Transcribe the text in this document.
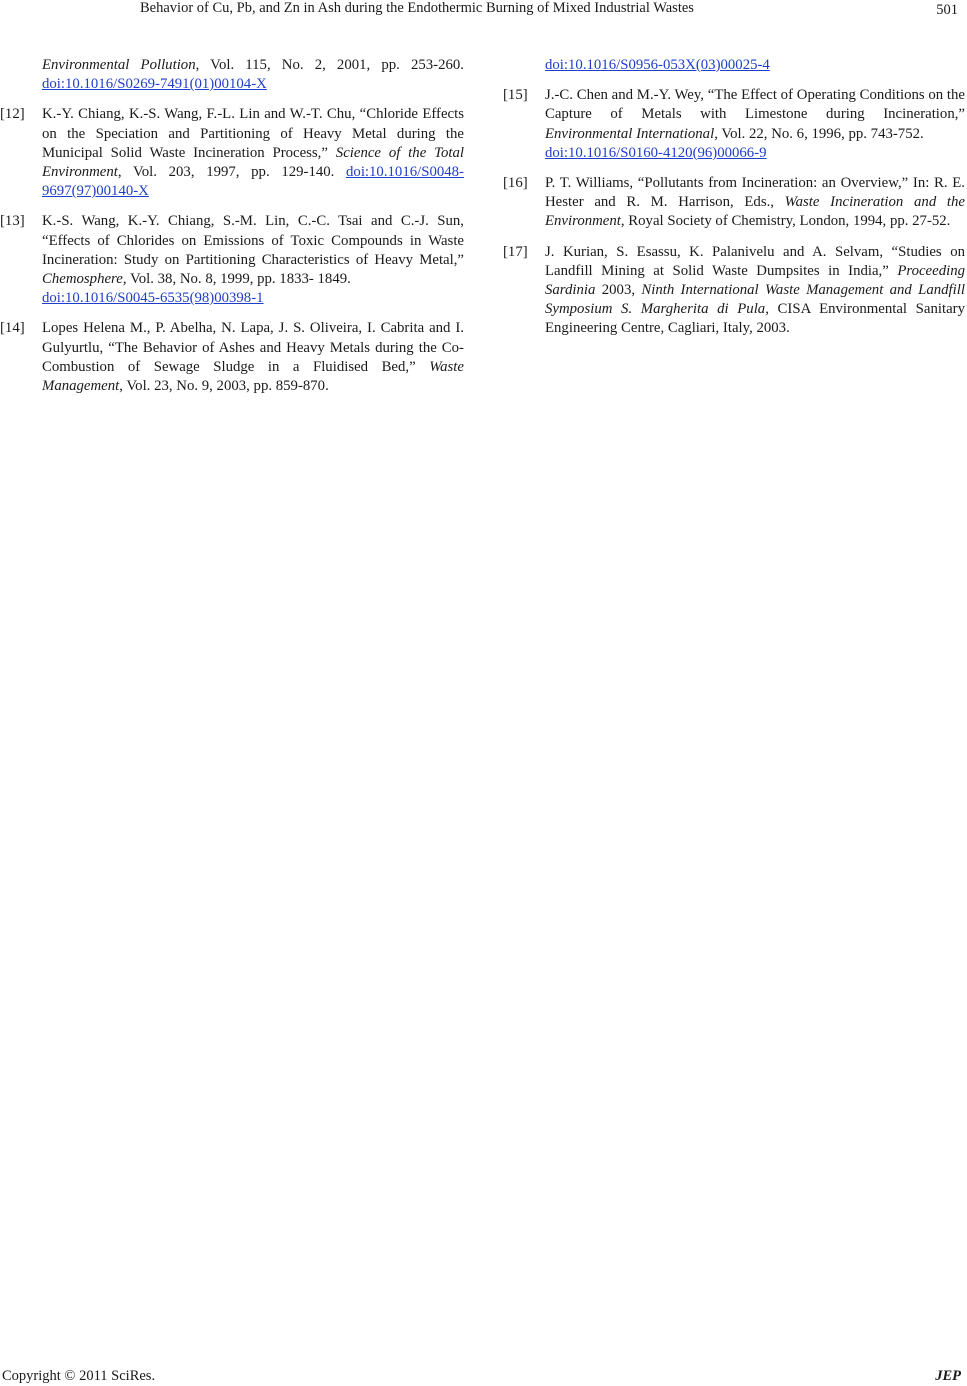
Behavior of Cu, Pb, and Zn in Ash during the Endothermic Burning of Mixed Industrial Wastes	501
Environmental Pollution, Vol. 115, No. 2, 2001, pp. 253-260. doi:10.1016/S0269-7491(01)00104-X
[12] K.-Y. Chiang, K.-S. Wang, F.-L. Lin and W.-T. Chu, “Chloride Effects on the Speciation and Partitioning of Heavy Metal during the Municipal Solid Waste Incineration Process,” Science of the Total Environment, Vol. 203, 1997, pp. 129-140. doi:10.1016/S0048-9697(97)00140-X
[13] K.-S. Wang, K.-Y. Chiang, S.-M. Lin, C.-C. Tsai and C.-J. Sun, “Effects of Chlorides on Emissions of Toxic Compounds in Waste Incineration: Study on Partitioning Characteristics of Heavy Metal,” Chemosphere, Vol. 38, No. 8, 1999, pp. 1833- 1849.
doi:10.1016/S0045-6535(98)00398-1
[14] Lopes Helena M., P. Abelha, N. Lapa, J. S. Oliveira, I. Cabrita and I. Gulyurtlu, “The Behavior of Ashes and Heavy Metals during the Co-Combustion of Sewage Sludge in a Fluidised Bed,” Waste Management, Vol. 23, No. 9, 2003, pp. 859-870.
doi:10.1016/S0956-053X(03)00025-4
[15] J.-C. Chen and M.-Y. Wey, “The Effect of Operating Conditions on the Capture of Metals with Limestone during Incineration,” Environmental International, Vol. 22, No. 6, 1996, pp. 743-752.
doi:10.1016/S0160-4120(96)00066-9
[16] P. T. Williams, “Pollutants from Incineration: an Overview,” In: R. E. Hester and R. M. Harrison, Eds., Waste Incineration and the Environment, Royal Society of Chemistry, London, 1994, pp. 27-52.
[17] J. Kurian, S. Esassu, K. Palanivelu and A. Selvam, “Studies on Landfill Mining at Solid Waste Dumpsites in India,” Proceeding Sardinia 2003, Ninth International Waste Management and Landfill Symposium S. Margherita di Pula, CISA Environmental Sanitary Engineering Centre, Cagliari, Italy, 2003.
Copyright © 2011 SciRes.	JEP
